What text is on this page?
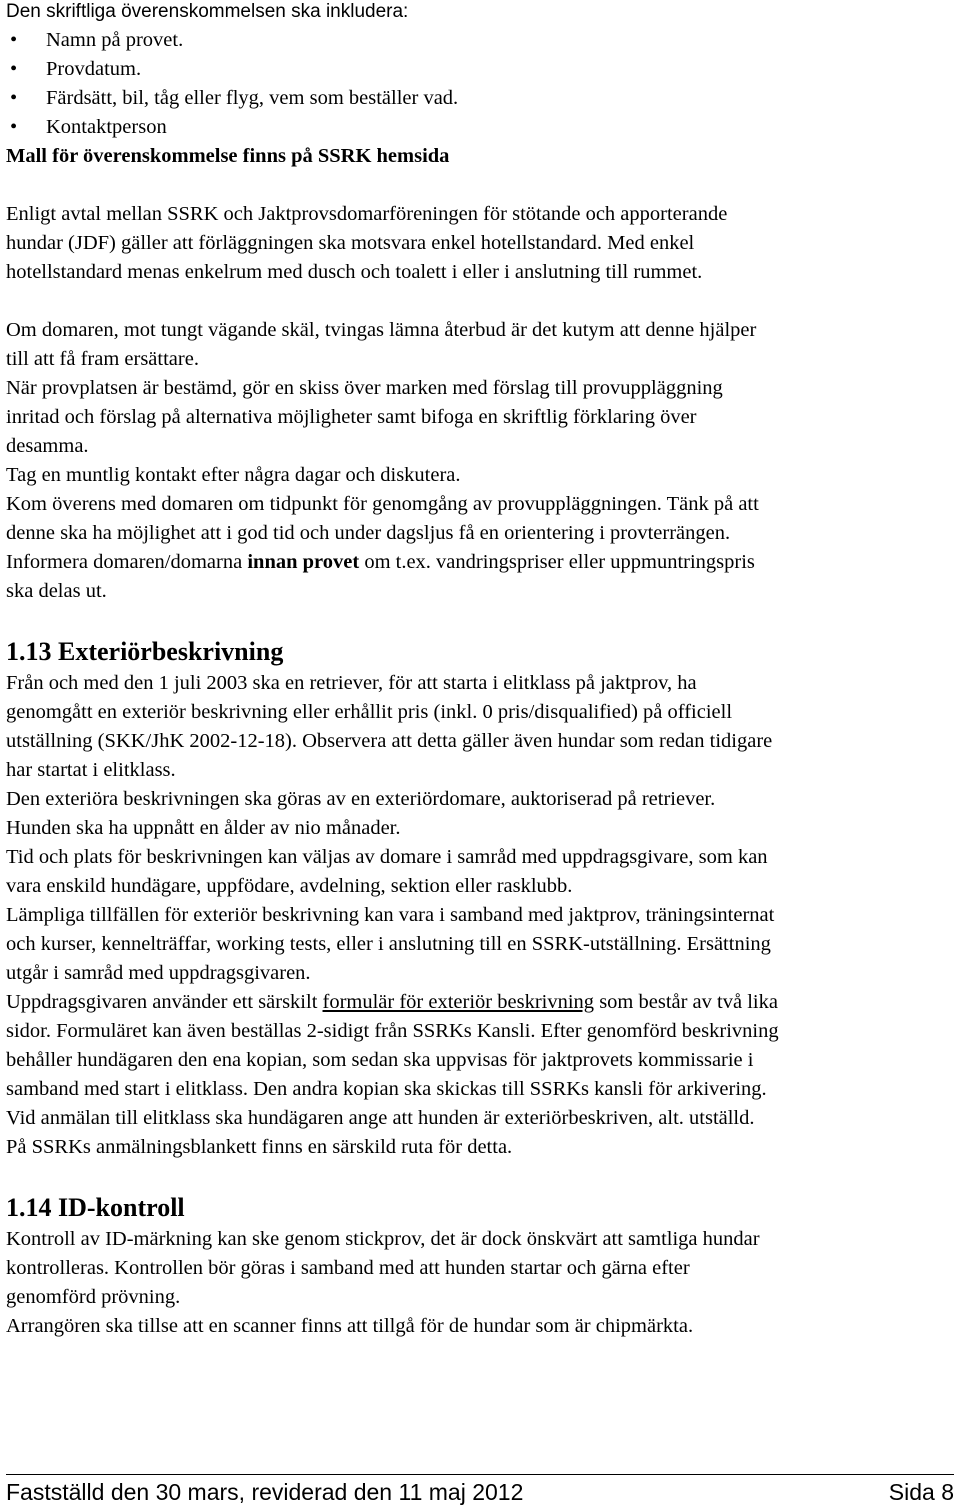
Den skriftliga överenskommelsen ska inkludera:

•	Namn på provet.
•	Provdatum.
•	Färdsätt, bil, tåg eller flyg, vem som beställer vad.
•	Kontaktperson

Mall för överenskommelse finns på SSRK hemsida

Enligt avtal mellan SSRK och Jaktprovsdomarföreningen för stötande och apporterande

hundar (JDF) gäller att förläggningen ska motsvara enkel hotellstandard. Med enkel

hotellstandard menas enkelrum med dusch och toalett i eller i anslutning till rummet.

Om domaren, mot tungt vägande skäl, tvingas lämna återbud är det kutym att denne hjälper

till att få fram ersättare.

När provplatsen är bestämd, gör en skiss över marken med förslag till provuppläggning

inritad och förslag på alternativa möjligheter samt bifoga en skriftlig förklaring över

desamma.

Tag en muntlig kontakt efter några dagar och diskutera.

Kom överens med domaren om tidpunkt för genomgång av provuppläggningen. Tänk på att

denne ska ha möjlighet att i god tid och under dagsljus få en orientering i provterrängen.

Informera domaren/domarna innan provet om t.ex. vandringspriser eller uppmuntringspris

ska delas ut.

1.13 Exteriörbeskrivning

Från och med den 1 juli 2003 ska en retriever, för att starta i elitklass på jaktprov, ha

genomgått en exteriör beskrivning eller erhållit pris (inkl. 0 pris/disqualified) på officiell

utställning (SKK/JhK 2002-12-18). Observera att detta gäller även hundar som redan tidigare

har startat i elitklass.

Den exteriöra beskrivningen ska göras av en exteriördomare, auktoriserad på retriever.

Hunden ska ha uppnått en ålder av nio månader.

Tid och plats för beskrivningen kan väljas av domare i samråd med uppdragsgivare, som kan

vara enskild hundägare, uppfödare, avdelning, sektion eller rasklubb.

Lämpliga tillfällen för exteriör beskrivning kan vara i samband med jaktprov, träningsinternat

och kurser, kennelträffar, working tests, eller i anslutning till en SSRK-utställning. Ersättning

utgår i samråd med uppdragsgivaren.

Uppdragsgivaren använder ett särskilt formulär för exteriör beskrivning som består av två lika

sidor. Formuläret kan även beställas 2-sidigt från SSRKs Kansli. Efter genomförd beskrivning

behåller hundägaren den ena kopian, som sedan ska uppvisas för jaktprovets kommissarie i

samband med start i elitklass. Den andra kopian ska skickas till SSRKs kansli för arkivering.

Vid anmälan till elitklass ska hundägaren ange att hunden är exteriörbeskriven, alt. utställd.

På SSRKs anmälningsblankett finns en särskild ruta för detta.

1.14 ID-kontroll

Kontroll av ID-märkning kan ske genom stickprov, det är dock önskvärt att samtliga hundar

kontrolleras. Kontrollen bör göras i samband med att hunden startar och gärna efter

genomförd prövning.

Arrangören ska tillse att en scanner finns att tillgå för de hundar som är chipmärkta.

Fastställd den 30 mars, reviderad den 11 maj 2012	Sida 8
